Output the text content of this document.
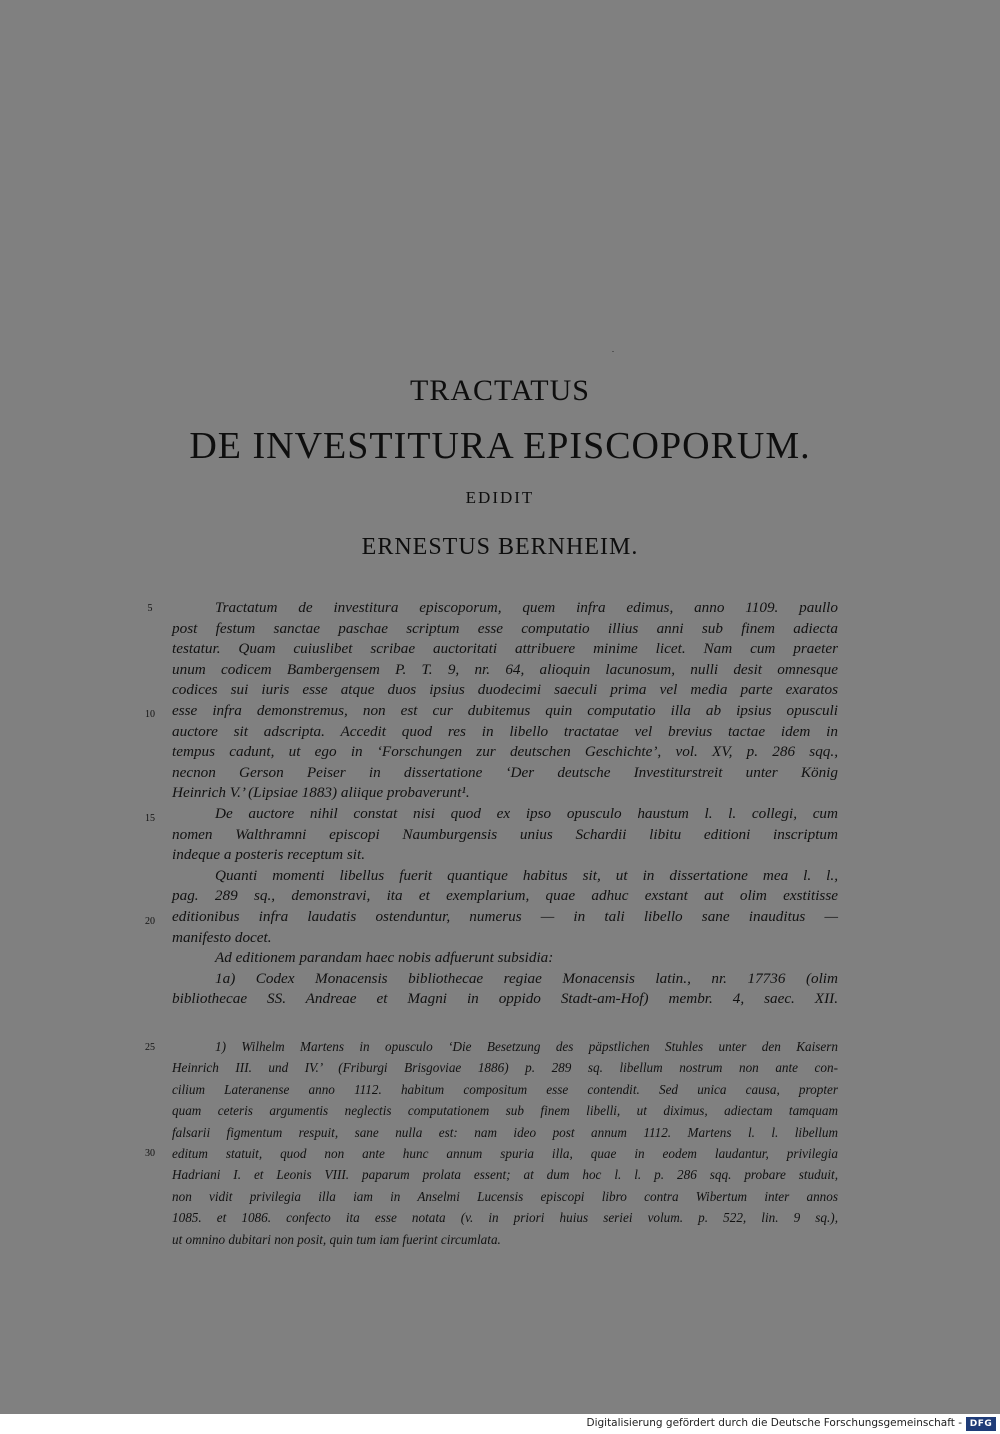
TRACTATUS
DE INVESTITURA EPISCOPORUM.
EDIDIT
ERNESTUS BERNHEIM.
5
10
15
20
25
30
Tractatum de investitura episcoporum, quem infra edimus, anno 1109. paullo
post festum sanctae paschae scriptum esse computatio illius anni sub finem adiecta
testatur. Quam cuiuslibet scribae auctoritati attribuere minime licet. Nam cum praeter
unum codicem Bambergensem P. T. 9, nr. 64, alioquin lacunosum, nulli desit omnesque
codices sui iuris esse atque duos ipsius duodecimi saeculi prima vel media parte exaratos
esse infra demonstremus, non est cur dubitemus quin computatio illa ab ipsius opusculi
auctore sit adscripta. Accedit quod res in libello tractatae vel brevius tactae idem in
tempus cadunt, ut ego in ‘Forschungen zur deutschen Geschichte’, vol. XV, p. 286 sqq.,
necnon Gerson Peiser in dissertatione ‘Der deutsche Investiturstreit unter König
Heinrich V.’ (Lipsiae 1883) aliique probaverunt¹.
De auctore nihil constat nisi quod ex ipso opusculo haustum l. l. collegi, cum
nomen Walthramni episcopi Naumburgensis unius Schardii libitu editioni inscriptum
indeque a posteris receptum sit.
Quanti momenti libellus fuerit quantique habitus sit, ut in dissertatione mea l. l.,
pag. 289 sq., demonstravi, ita et exemplarium, quae adhuc exstant aut olim exstitisse
editionibus infra laudatis ostenduntur, numerus — in tali libello sane inauditus —
manifesto docet.
Ad editionem parandam haec nobis adfuerunt subsidia:
1a) Codex Monacensis bibliothecae regiae Monacensis latin., nr. 17736 (olim
bibliothecae SS. Andreae et Magni in oppido Stadt-am-Hof) membr. 4, saec. XII.
1) Wilhelm Martens in opusculo ‘Die Besetzung des päpstlichen Stuhles unter den Kaisern
Heinrich III. und IV.’ (Friburgi Brisgoviae 1886) p. 289 sq. libellum nostrum non ante con-
cilium Lateranense anno 1112. habitum compositum esse contendit. Sed unica causa, propter
quam ceteris argumentis neglectis computationem sub finem libelli, ut diximus, adiectam tamquam
falsarii figmentum respuit, sane nulla est: nam ideo post annum 1112. Martens l. l. libellum
editum statuit, quod non ante hunc annum spuria illa, quae in eodem laudantur, privilegia
Hadriani I. et Leonis VIII. paparum prolata essent; at dum hoc l. l. p. 286 sqq. probare studuit,
non vidit privilegia illa iam in Anselmi Lucensis episcopi libro contra Wibertum inter annos
1085. et 1086. confecto ita esse notata (v. in priori huius seriei volum. p. 522, lin. 9 sq.),
ut omnino dubitari non posit, quin tum iam fuerint circumlata.
Digitalisierung gefördert durch die Deutsche Forschungsgemeinschaft - DFG
